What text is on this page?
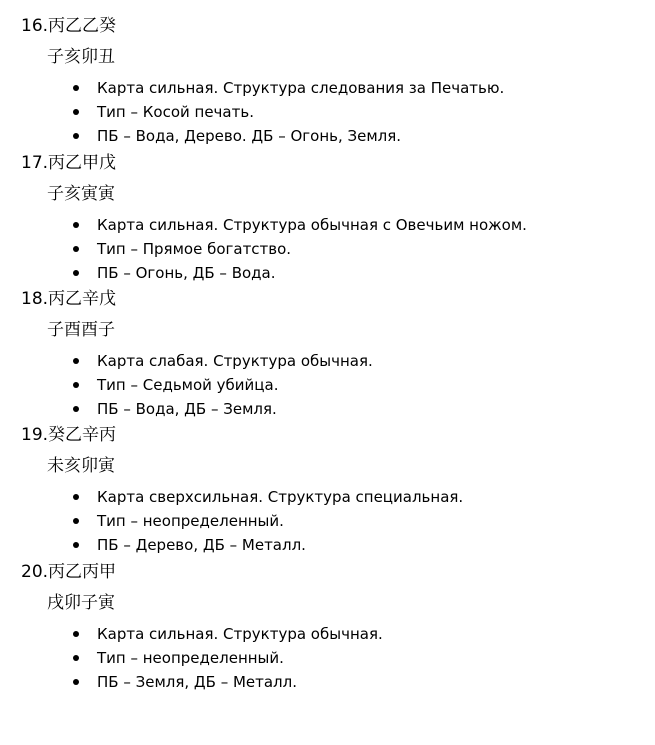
16.丙乙乙癸
子亥卯丑
Карта сильная. Структура следования за Печатью.
Тип – Косой печать.
ПБ – Вода, Дерево. ДБ – Огонь, Земля.
17.丙乙甲戊
子亥寅寅
Карта сильная. Структура обычная с Овечьим ножом.
Тип – Прямое богатство.
ПБ – Огонь, ДБ – Вода.
18.丙乙辛戊
子酉酉子
Карта слабая. Структура обычная.
Тип – Седьмой убийца.
ПБ – Вода, ДБ – Земля.
19.癸乙辛丙
未亥卯寅
Карта сверхсильная. Структура специальная.
Тип – неопределенный.
ПБ – Дерево, ДБ – Металл.
20.丙乙丙甲
戌卯子寅
Карта сильная. Структура обычная.
Тип – неопределенный.
ПБ – Земля, ДБ – Металл.
